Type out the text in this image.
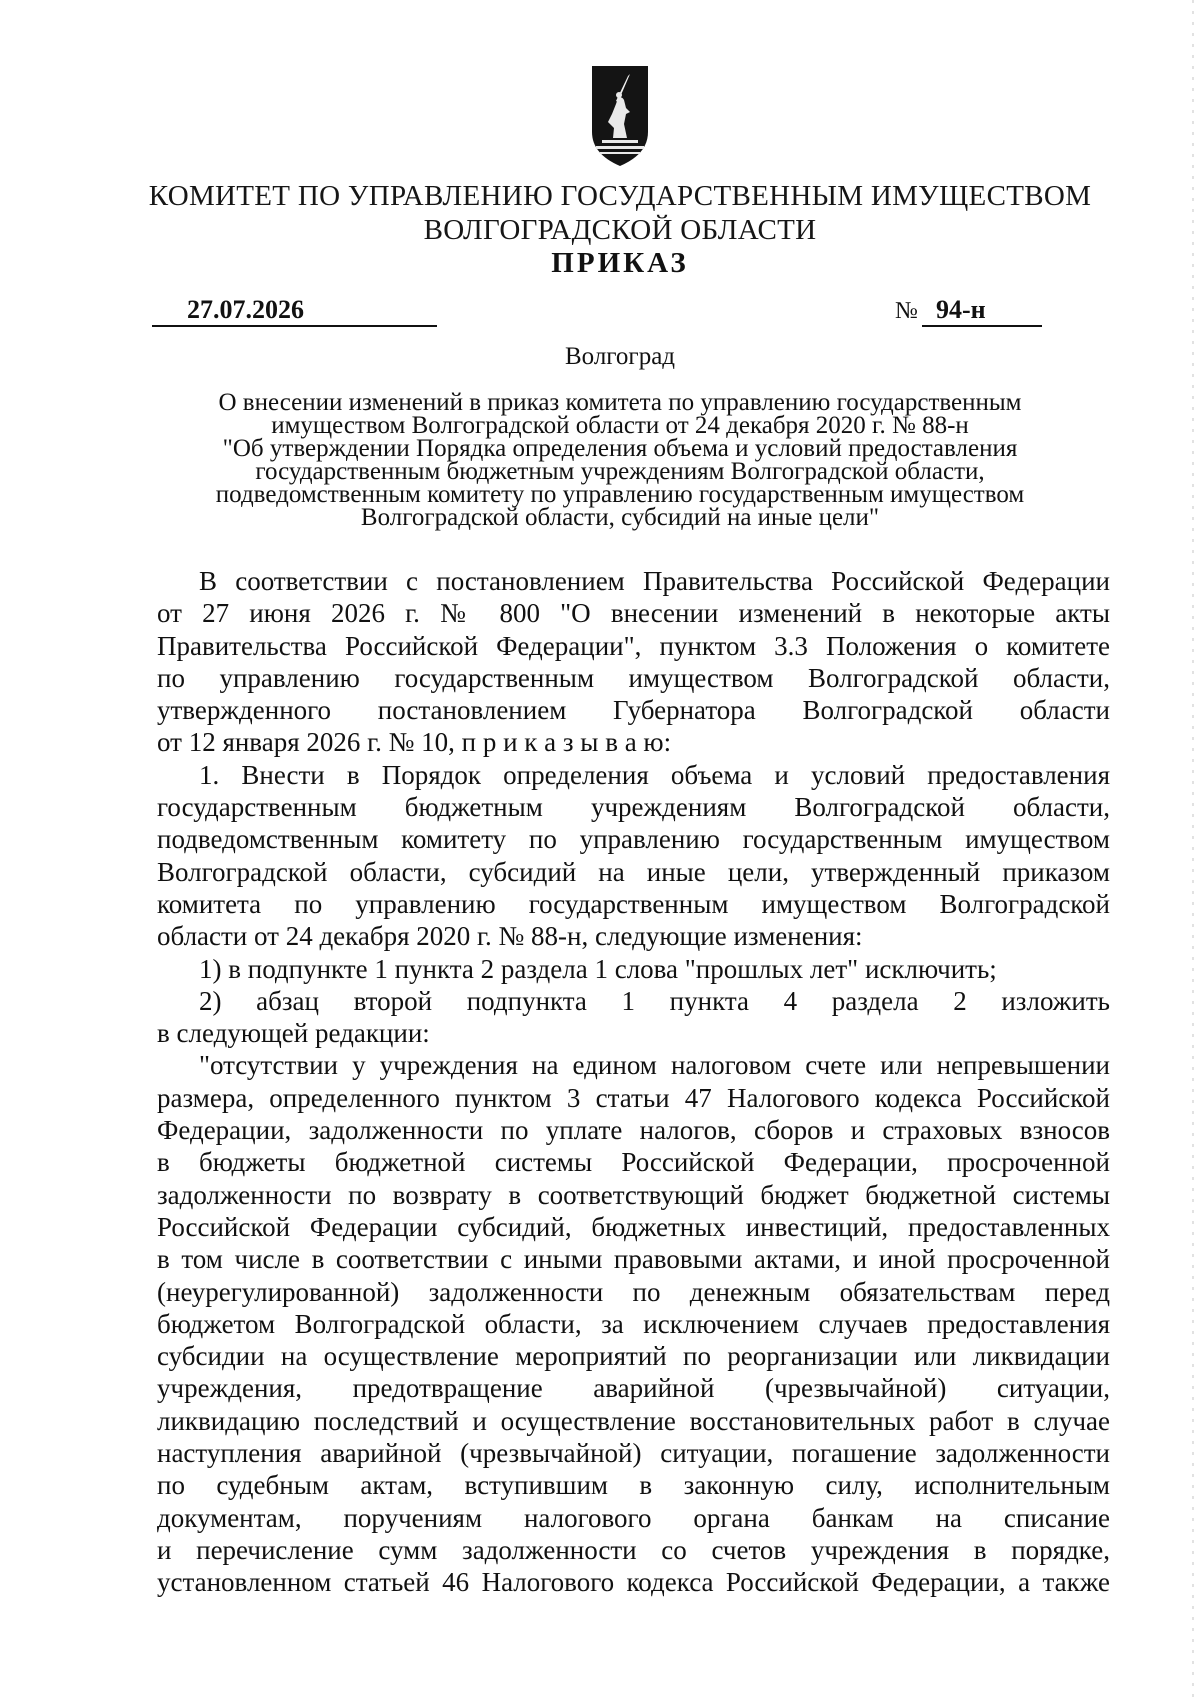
КОМИТЕТ ПО УПРАВЛЕНИЮ ГОСУДАРСТВЕННЫМ ИМУЩЕСТВОМ
ВОЛГОГРАДСКОЙ ОБЛАСТИ
ПРИКАЗ
27.07.2026	№ 94-н
Волгоград
О внесении изменений в приказ комитета по управлению государственным
имуществом Волгоградской области от 24 декабря 2020 г. № 88-н
"Об утверждении Порядка определения объема и условий предоставления
государственным бюджетным учреждениям Волгоградской области,
подведомственным комитету по управлению государственным имуществом
Волгоградской области, субсидий на иные цели"
В соответствии с постановлением Правительства Российской Федерации
от 27 июня 2026 г. № 800 "О внесении изменений в некоторые акты
Правительства Российской Федерации", пунктом 3.3 Положения о комитете
по управлению государственным имуществом Волгоградской области,
утвержденного постановлением Губернатора Волгоградской области
от 12 января 2026 г. № 10, п р и к а з ы в а ю:
1. Внести в Порядок определения объема и условий предоставления
государственным бюджетным учреждениям Волгоградской области,
подведомственным комитету по управлению государственным имуществом
Волгоградской области, субсидий на иные цели, утвержденный приказом
комитета по управлению государственным имуществом Волгоградской
области от 24 декабря 2020 г. № 88-н, следующие изменения:
1) в подпункте 1 пункта 2 раздела 1 слова "прошлых лет" исключить;
2) абзац второй подпункта 1 пункта 4 раздела 2 изложить
в следующей редакции:
"отсутствии у учреждения на едином налоговом счете или непревышении
размера, определенного пунктом 3 статьи 47 Налогового кодекса Российской
Федерации, задолженности по уплате налогов, сборов и страховых взносов
в бюджеты бюджетной системы Российской Федерации, просроченной
задолженности по возврату в соответствующий бюджет бюджетной системы
Российской Федерации субсидий, бюджетных инвестиций, предоставленных
в том числе в соответствии с иными правовыми актами, и иной просроченной
(неурегулированной) задолженности по денежным обязательствам перед
бюджетом Волгоградской области, за исключением случаев предоставления
субсидии на осуществление мероприятий по реорганизации или ликвидации
учреждения, предотвращение аварийной (чрезвычайной) ситуации,
ликвидацию последствий и осуществление восстановительных работ в случае
наступления аварийной (чрезвычайной) ситуации, погашение задолженности
по судебным актам, вступившим в законную силу, исполнительным
документам, поручениям налогового органа банкам на списание
и перечисление сумм задолженности со счетов учреждения в порядке,
установленном статьей 46 Налогового кодекса Российской Федерации, а также
